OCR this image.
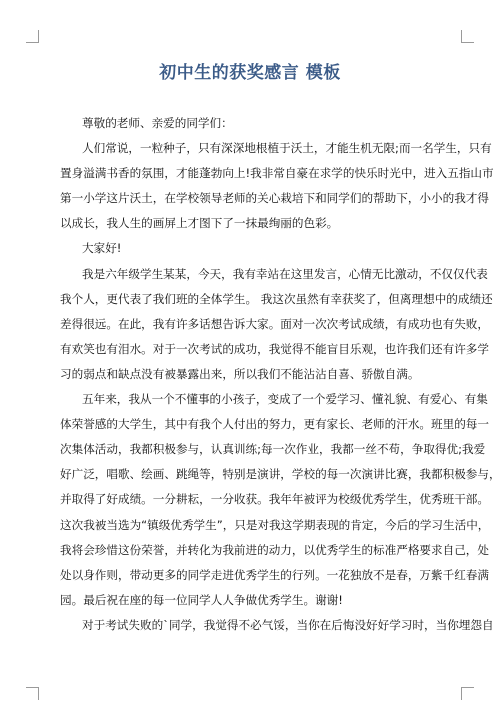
初中生的获奖感言 模板
尊敬的老师、亲爱的同学们：
人们常说，一粒种子，只有深深地根植于沃土，才能生机无限;而一名学生，只有
置身溢满书香的氛围，才能蓬勃向上!我非常自豪在求学的快乐时光中，进入五指山市
第一小学这片沃土，在学校领导老师的关心栽培下和同学们的帮助下，小小的我才得
以成长，我人生的画屏上才图下了一抹最绚丽的色彩。
大家好!
我是六年级学生某某，今天，我有幸站在这里发言，心情无比激动，不仅仅代表
我个人，更代表了我们班的全体学生。 我这次虽然有幸获奖了，但离理想中的成绩还
差得很远。在此，我有许多话想告诉大家。面对一次次考试成绩，有成功也有失败，
有欢笑也有泪水。对于一次考试的成功，我觉得不能盲目乐观，也许我们还有许多学
习的弱点和缺点没有被暴露出来，所以我们不能沾沾自喜、骄傲自满。
五年来，我从一个不懂事的小孩子，变成了一个爱学习、懂礼貌、有爱心、有集
体荣誉感的大学生，其中有我个人付出的努力，更有家长、老师的汗水。班里的每一
次集体活动，我都积极参与，认真训练;每一次作业，我都一丝不苟，争取得优;我爱
好广泛，唱歌、绘画、跳绳等，特别是演讲，学校的每一次演讲比赛，我都积极参与，
并取得了好成绩。一分耕耘，一分收获。我年年被评为校级优秀学生，优秀班干部。
这次我被当选为“镇级优秀学生”，只是对我这学期表现的肯定，今后的学习生活中，
我将会珍惜这份荣誉，并转化为我前进的动力，以优秀学生的标准严格要求自己，处
处以身作则，带动更多的同学走进优秀学生的行列。一花独放不是春，万紫千红春满
园。最后祝在座的每一位同学人人争做优秀学生。谢谢!
对于考试失败的`同学，我觉得不必气馁，当你在后悔没好好学习时，当你埋怨自
